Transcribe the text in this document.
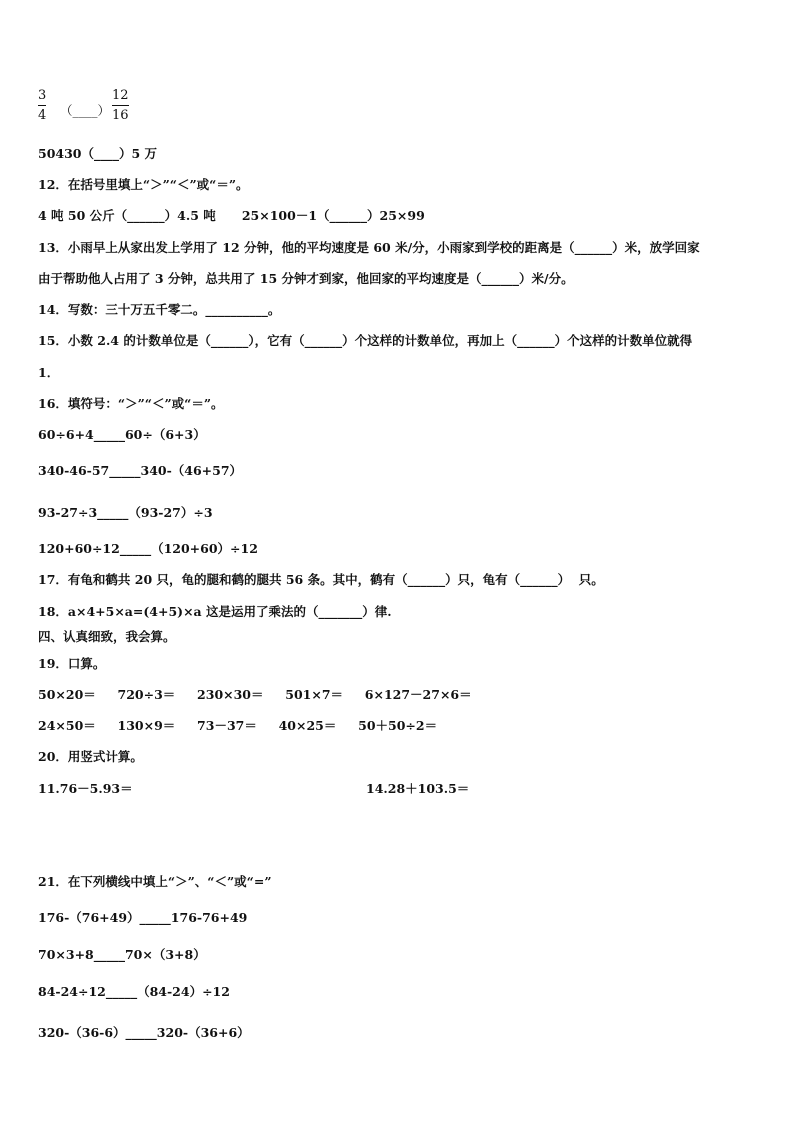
3
4 （____）
12
16
50430（____）5 万
12．在括号里填上“＞”“＜”或“＝”。
4 吨 50 公斤（______）4.5 吨      25×100－1（______）25×99
13．小雨早上从家出发上学用了 12 分钟，他的平均速度是 60 米/分，小雨家到学校的距离是（______）米，放学回家
由于帮助他人占用了 3 分钟，总共用了 15 分钟才到家，他回家的平均速度是（______）米/分。
14．写数：三十万五千零二。__________。
15．小数 2.4 的计数单位是（______），它有（______）个这样的计数单位，再加上（______）个这样的计数单位就得
1．
16．填符号：“＞”“＜”或“＝”。
60÷6+4_____60÷（6+3）
340-46-57_____340-（46+57）
93-27÷3_____（93-27）÷3
120+60÷12_____（120+60）÷12
17．有龟和鹤共 20 只，龟的腿和鹤的腿共 56 条。其中，鹤有（______）只，龟有（______）  只。
18．a×4+5×a=(4+5)×a 这是运用了乘法的（_______）律.
四、认真细致，我会算。
19．口算。
50×20＝     720÷3＝     230×30＝     501×7＝     6×127－27×6＝
24×50＝     130×9＝     73－37＝     40×25＝     50＋50÷2＝
20．用竖式计算。
11.76－5.93＝	14.28＋103.5＝
21．在下列横线中填上“＞”、“＜”或“=”
176-（76+49）_____176-76+49
70×3+8_____70×（3+8）
84-24÷12_____（84-24）÷12
320-（36-6）_____320-（36+6）
